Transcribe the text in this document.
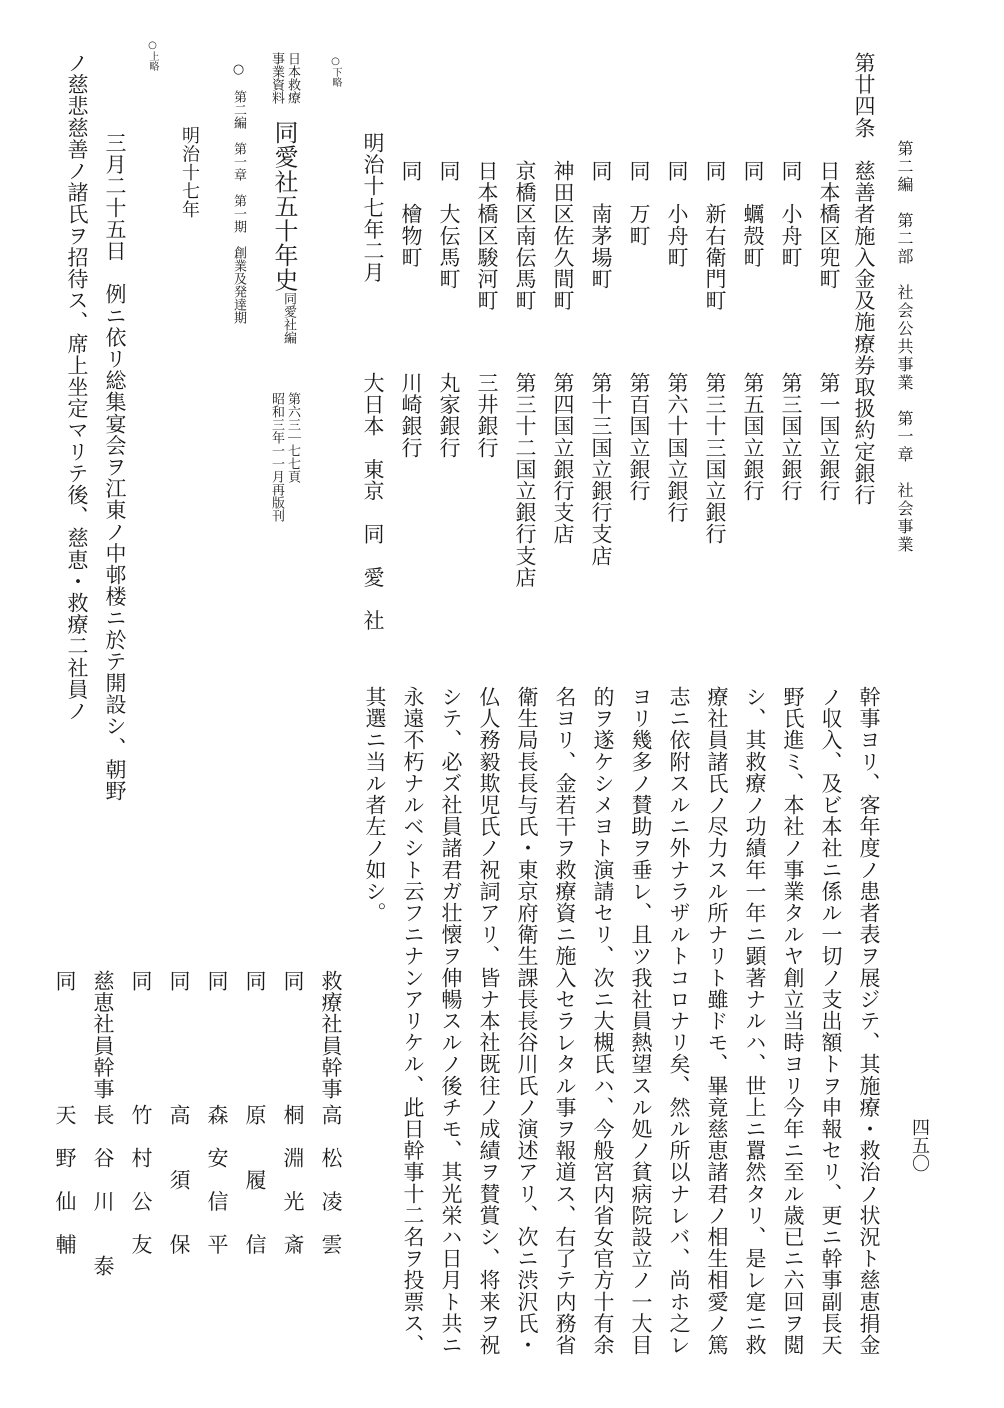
第二編　第二部　社会公共事業　第一章　社会事業
四五〇
第廿四条　慈善者施入金及施療券取扱約定銀行
日本橋区兜町
同　小舟町
同　蠣殻町
同　新右衛門町
同　小舟町
同　万町
同　南茅場町
神田区佐久間町
京橋区南伝馬町
日本橋区駿河町
同　大伝馬町
同　檜物町
第一国立銀行
第三国立銀行
第五国立銀行
第三十三国立銀行
第六十国立銀行
第百国立銀行
第十三国立銀行支店
第四国立銀行支店
第三十二国立銀行支店
三井銀行
丸家銀行
川崎銀行
明治十七年二月
大日本　東京　同　愛　社
○下略
日本救療
事業資料
同愛社五十年史
同愛社編
第六三｜七七頁
昭和三年一一月再版刊
○　第二編　第一章　第一期　創業及発達期
明治十七年
○上略
三月二十五日　例ニ依リ総集宴会ヲ江東ノ中邨楼ニ於テ開設シ、朝野
ノ慈悲慈善ノ諸氏ヲ招待ス、席上坐定マリテ後、慈恵・救療二社員ノ
幹事ヨリ、客年度ノ患者表ヲ展ジテ、其施療・救治ノ状況ト慈恵捐金
ノ収入、及ビ本社ニ係ル一切ノ支出額トヲ申報セリ、更ニ幹事副長天
野氏進ミ、本社ノ事業タルヤ創立当時ヨリ今年ニ至ル歳已ニ六回ヲ閲
シ、其救療ノ功績年一年ニ顕著ナルハ、世上ニ囂然タリ、是レ寔ニ救
療社員諸氏ノ尽力スル所ナリト雖ドモ、畢竟慈恵諸君ノ相生相愛ノ篤
志ニ依附スルニ外ナラザルトコロナリ矣、然ル所以ナレバ、尚ホ之レ
ヨリ幾多ノ賛助ヲ垂レ、且ツ我社員熱望スル処ノ貧病院設立ノ一大目
的ヲ遂ケシメヨト演請セリ、次ニ大槻氏ハ、今般宮内省女官方十有余
名ヨリ、金若干ヲ救療資ニ施入セラレタル事ヲ報道ス、右了テ内務省
衛生局長長与氏・東京府衛生課長長谷川氏ノ演述アリ、次ニ渋沢氏・
仏人務毅欺児氏ノ祝詞アリ、皆ナ本社既往ノ成績ヲ賛賞シ、将来ヲ祝
シテ、必ズ社員諸君ガ壮懐ヲ伸暢スルノ後チモ、其光栄ハ日月ト共ニ
永遠不朽ナルベシト云フニナンアリケル、此日幹事十二名ヲ投票ス、
其選ニ当ル者左ノ如シ。
救療社員幹事
同
同
同
同
同
慈恵社員幹事
同
高　松　凌　雲
桐　淵　光　斎
原　　履　　信
森　安　信　平
高　　須　　保
竹　村　公　友
長　谷　川　　泰
天　野　仙　輔
